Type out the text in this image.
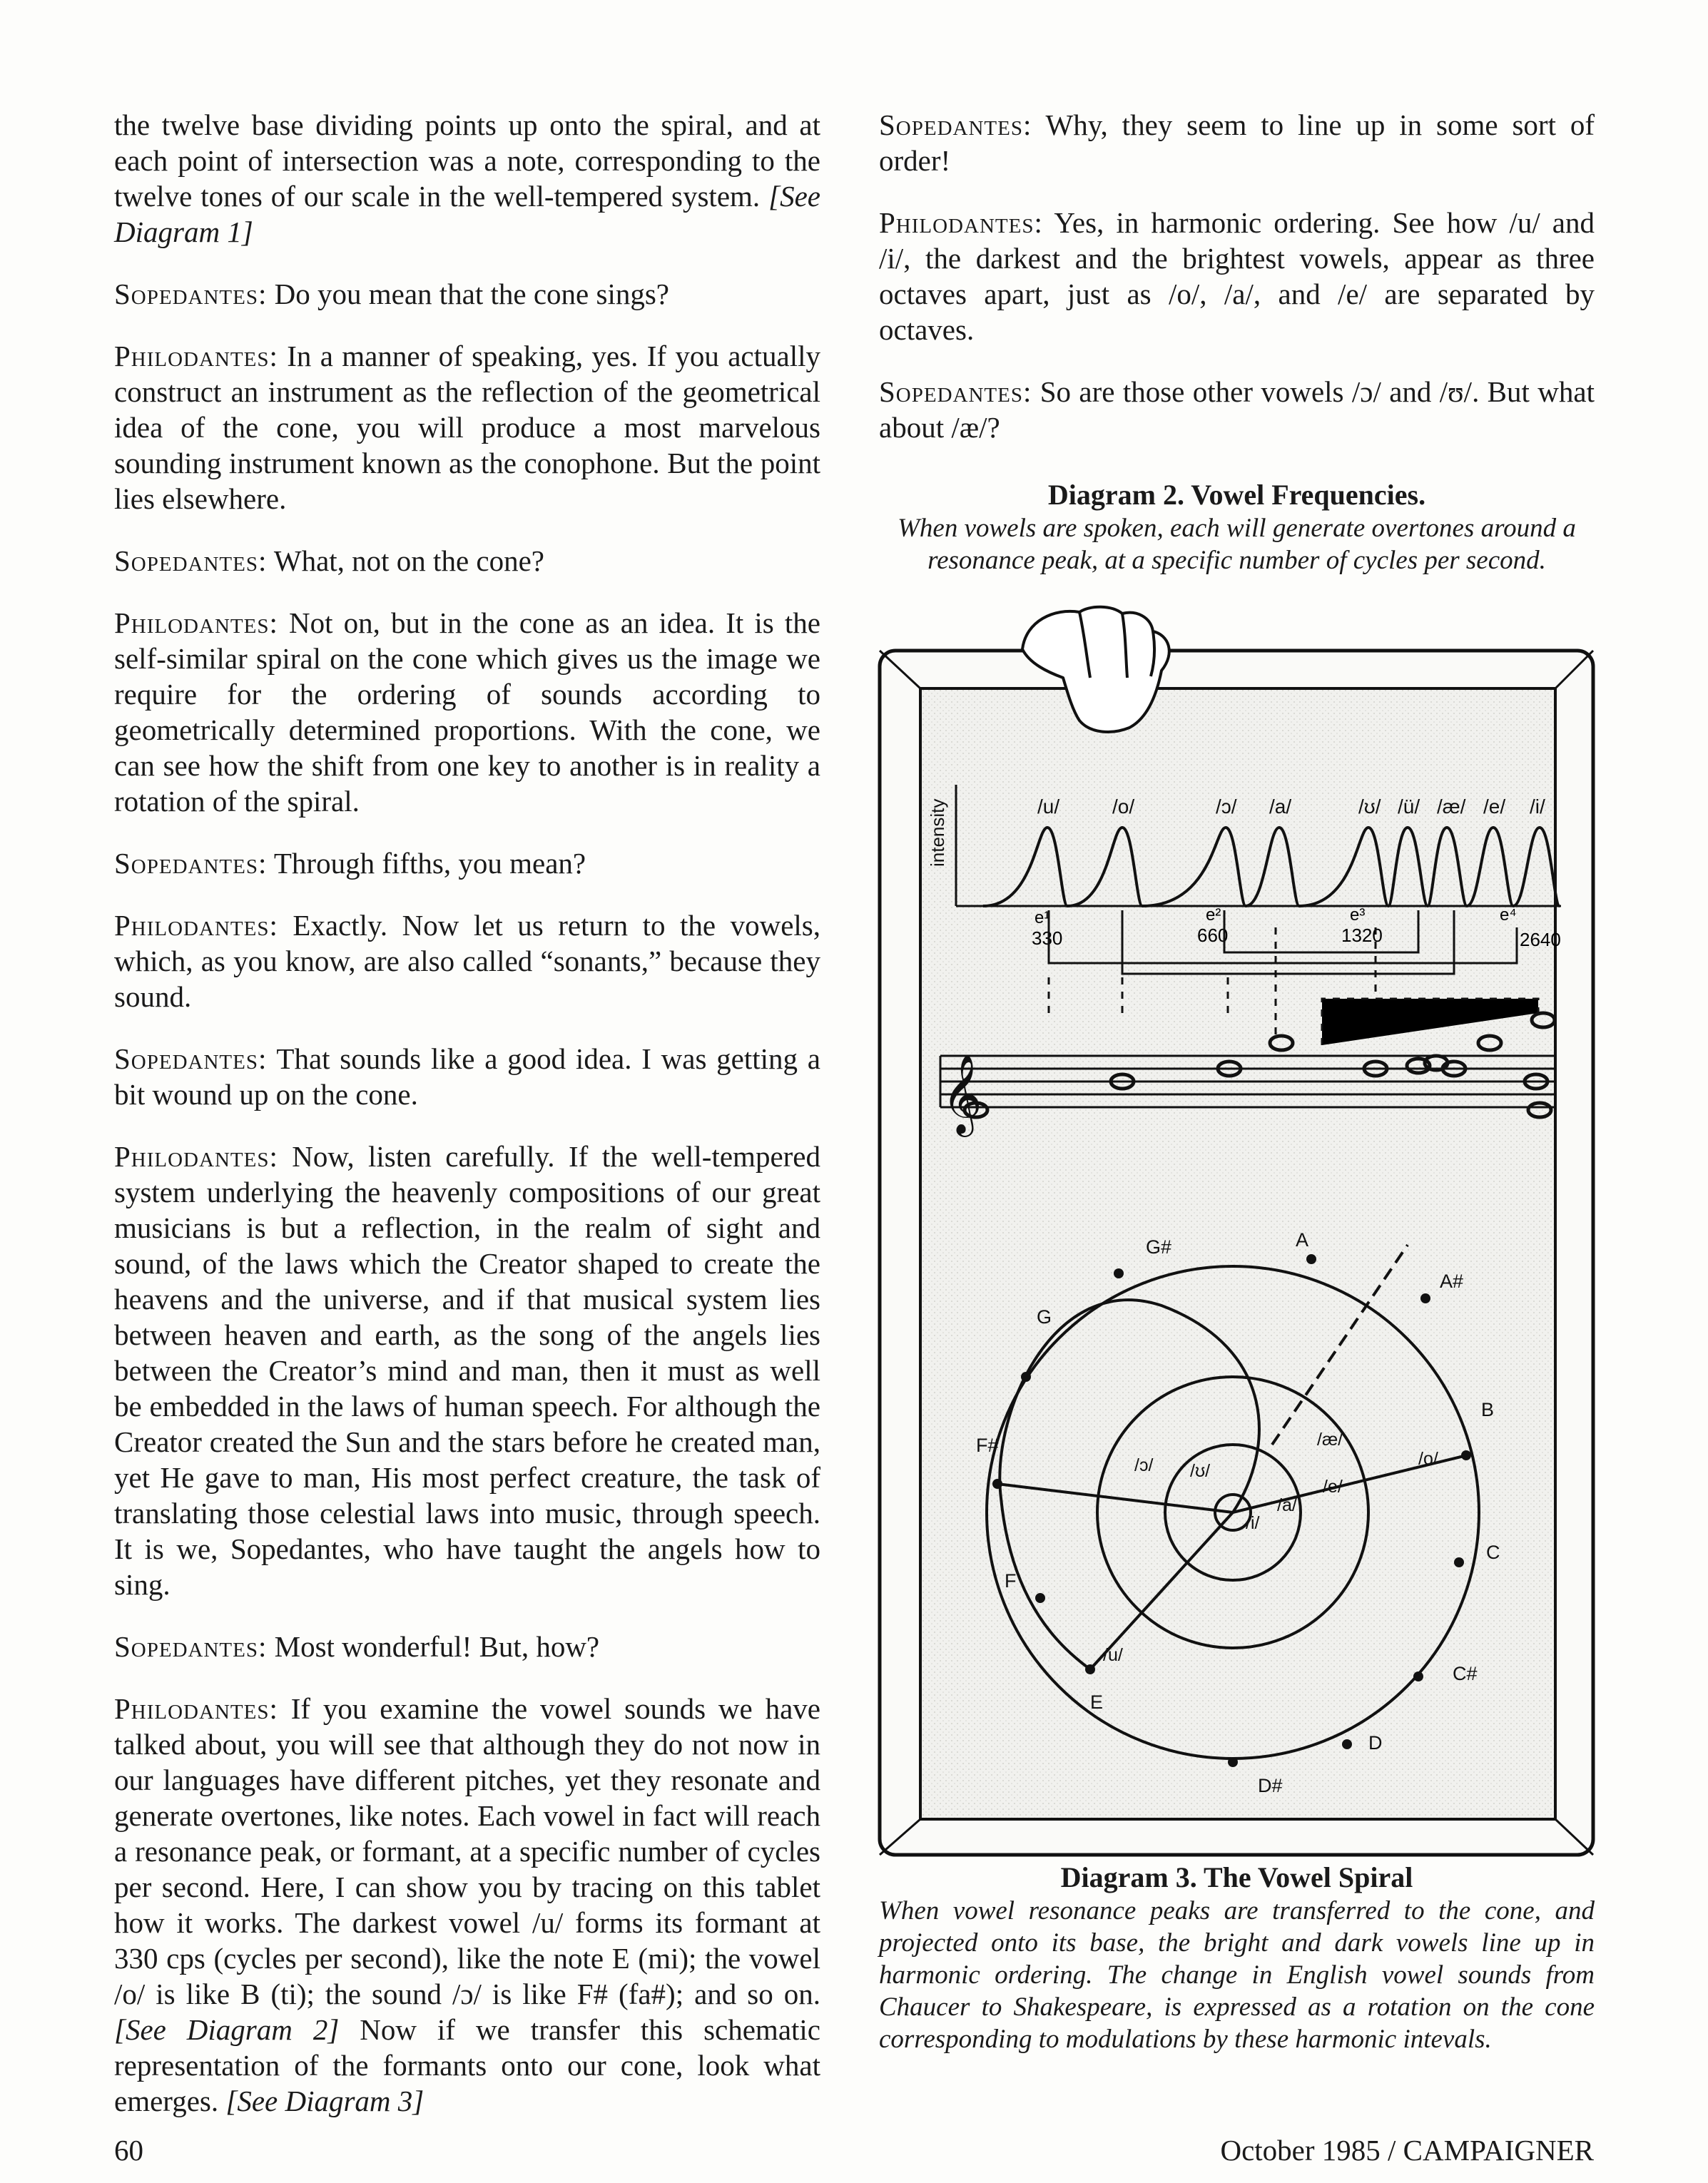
the twelve base dividing points up onto the spiral, and at each point of intersection was a note, corresponding to the twelve tones of our scale in the well-tempered system. [See Diagram 1]

Sopedantes: Do you mean that the cone sings?

Philodantes: In a manner of speaking, yes. If you actually construct an instrument as the reflection of the geometrical idea of the cone, you will produce a most marvelous sounding instrument known as the conophone. But the point lies elsewhere.

Sopedantes: What, not on the cone?

Philodantes: Not on, but in the cone as an idea. It is the self-similar spiral on the cone which gives us the image we require for the ordering of sounds according to geometrically determined proportions. With the cone, we can see how the shift from one key to another is in reality a rotation of the spiral.

Sopedantes: Through fifths, you mean?

Philodantes: Exactly. Now let us return to the vowels, which, as you know, are also called “sonants,” because they sound.

Sopedantes: That sounds like a good idea. I was getting a bit wound up on the cone.

Philodantes: Now, listen carefully. If the well-tempered system underlying the heavenly compositions of our great musicians is but a reflection, in the realm of sight and sound, of the laws which the Creator shaped to create the heavens and the universe, and if that musical system lies between heaven and earth, as the song of the angels lies between the Creator’s mind and man, then it must as well be embedded in the laws of human speech. For although the Creator created the Sun and the stars before he created man, yet He gave to man, His most perfect creature, the task of translating those celestial laws into music, through speech. It is we, Sopedantes, who have taught the angels how to sing.

Sopedantes: Most wonderful! But, how?

Philodantes: If you examine the vowel sounds we have talked about, you will see that although they do not now in our languages have different pitches, yet they resonate and generate overtones, like notes. Each vowel in fact will reach a resonance peak, or formant, at a specific number of cycles per second. Here, I can show you by tracing on this tablet how it works. The darkest vowel /u/ forms its formant at 330 cps (cycles per second), like the note E (mi); the vowel /o/ is like B (ti); the sound /ɔ/ is like F# (fa#); and so on. [See Diagram 2] Now if we transfer this schematic representation of the formants onto our cone, look what emerges. [See Diagram 3]

Sopedantes: Why, they seem to line up in some sort of order!

Philodantes: Yes, in harmonic ordering. See how /u/ and /i/, the darkest and the brightest vowels, appear as three octaves apart, just as /o/, /a/, and /e/ are separated by octaves.

Sopedantes: So are those other vowels /ɔ/ and /ʊ/. But what about /æ/?

Diagram 2. Vowel Frequencies.

When vowels are spoken, each will generate overtones around a resonance peak, at a specific number of cycles per second.

intensity	/u/	/o/	/ɔ/ /a/	/ʊ/ /ü/ /æ/ /e/ /i/
e¹	e²	e³	e⁴
330	660	1320	2640
8va
𝄞
A
A#
B
C
C#
D
D#
E
F
F#
G
G#
/u/
/ɔ/ /ʊ/
/æ/
/o/
/e/
/a/
/i/

Diagram 3. The Vowel Spiral

When vowel resonance peaks are transferred to the cone, and projected onto its base, the bright and dark vowels line up in harmonic ordering. The change in English vowel sounds from Chaucer to Shakespeare, is expressed as a rotation on the cone corresponding to modulations by these harmonic intevals.

60	October 1985 / CAMPAIGNER
